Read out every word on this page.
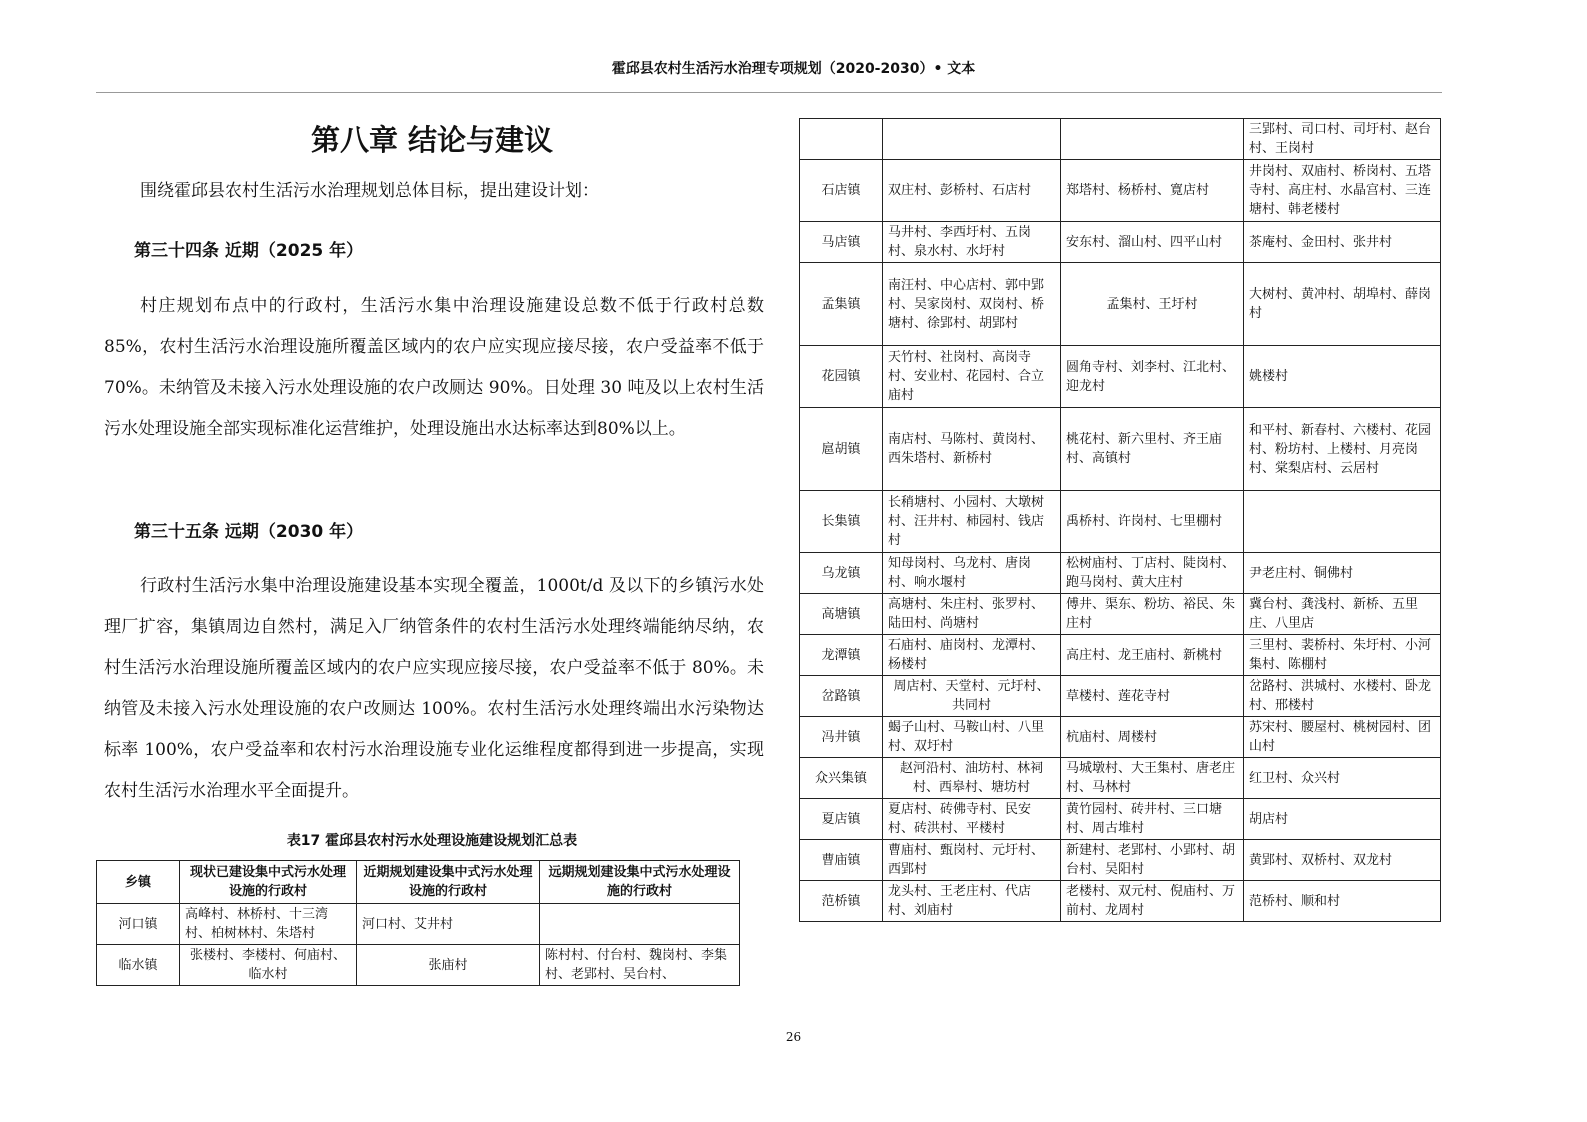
霍邱县农村生活污水治理专项规划（2020-2030）• 文本
第八章 结论与建议
围绕霍邱县农村生活污水治理规划总体目标，提出建设计划：
第三十四条 近期（2025 年）
村庄规划布点中的行政村，生活污水集中治理设施建设总数不低于行政村总数85%，农村生活污水治理设施所覆盖区域内的农户应实现应接尽接，农户受益率不低于 70%。未纳管及未接入污水处理设施的农户改厕达 90%。日处理 30 吨及以上农村生活污水处理设施全部实现标准化运营维护，处理设施出水达标率达到80%以上。
第三十五条 远期（2030 年）
行政村生活污水集中治理设施建设基本实现全覆盖，1000t/d 及以下的乡镇污水处理厂扩容，集镇周边自然村，满足入厂纳管条件的农村生活污水处理终端能纳尽纳，农村生活污水治理设施所覆盖区域内的农户应实现应接尽接，农户受益率不低于 80%。未纳管及未接入污水处理设施的农户改厕达 100%。农村生活污水处理终端出水污染物达标率 100%，农户受益率和农村污水治理设施专业化运维程度都得到进一步提高，实现农村生活污水治理水平全面提升。
表17 霍邱县农村污水处理设施建设规划汇总表
乡镇	现状已建设集中式污水处理设施的行政村	近期规划建设集中式污水处理设施的行政村	远期规划建设集中式污水处理设施的行政村
河口镇	高峰村、林桥村、十三湾村、柏树林村、朱塔村	河口村、艾井村	
临水镇	张楼村、李楼村、何庙村、临水村	张庙村	陈村村、付台村、魏岗村、李集村、老郢村、吴台村、
			三郢村、司口村、司圩村、赵台村、王岗村
石店镇	双庄村、彭桥村、石店村	郑塔村、杨桥村、寛店村	井岗村、双庙村、桥岗村、五塔寺村、高庄村、水晶宫村、三连塘村、韩老楼村
马店镇	马井村、李西圩村、五岗村、泉水村、水圩村	安东村、溜山村、四平山村	茶庵村、金田村、张井村
孟集镇	南汪村、中心店村、郭中郢村、吴家岗村、双岗村、桥塘村、徐郢村、胡郢村	孟集村、王圩村	大树村、黄冲村、胡埠村、薛岗村
花园镇	天竹村、社岗村、高岗寺村、安业村、花园村、合立庙村	圆角寺村、刘李村、江北村、迎龙村	姚楼村
扈胡镇	南店村、马陈村、黄岗村、西朱塔村、新桥村	桃花村、新六里村、齐王庙村、高镇村	和平村、新春村、六楼村、花园村、粉坊村、上楼村、月亮岗村、棠梨店村、云居村
长集镇	长稍塘村、小园村、大墩树村、汪井村、柿园村、钱店村	禹桥村、许岗村、七里棚村	
乌龙镇	知母岗村、乌龙村、唐岗村、响水堰村	松树庙村、丁店村、陡岗村、跑马岗村、黄大庄村	尹老庄村、铜佛村
高塘镇	高塘村、朱庄村、张罗村、陆田村、尚塘村	傅井、渠东、粉坊、裕民、朱庄村	冀台村、龚浅村、新桥、五里庄、八里店
龙潭镇	石庙村、庙岗村、龙潭村、杨楼村	高庄村、龙王庙村、新桃村	三里村、裴桥村、朱圩村、小河集村、陈棚村
岔路镇	周店村、天堂村、元圩村、共同村	草楼村、莲花寺村	岔路村、洪城村、水楼村、卧龙村、邢楼村
冯井镇	蝎子山村、马鞍山村、八里村、双圩村	杭庙村、周楼村	苏宋村、腰屋村、桃树园村、团山村
众兴集镇	赵河沿村、油坊村、林祠村、西皋村、塘坊村	马城墩村、大王集村、唐老庄村、马林村	红卫村、众兴村
夏店镇	夏店村、砖佛寺村、民安村、砖洪村、平楼村	黄竹园村、砖井村、三口塘村、周古堆村	胡店村
曹庙镇	曹庙村、甄岗村、元圩村、西郢村	新建村、老郢村、小郢村、胡台村、吴阳村	黄郢村、双桥村、双龙村
范桥镇	龙头村、王老庄村、代店村、刘庙村	老楼村、双元村、倪庙村、万前村、龙周村	范桥村、顺和村
26
